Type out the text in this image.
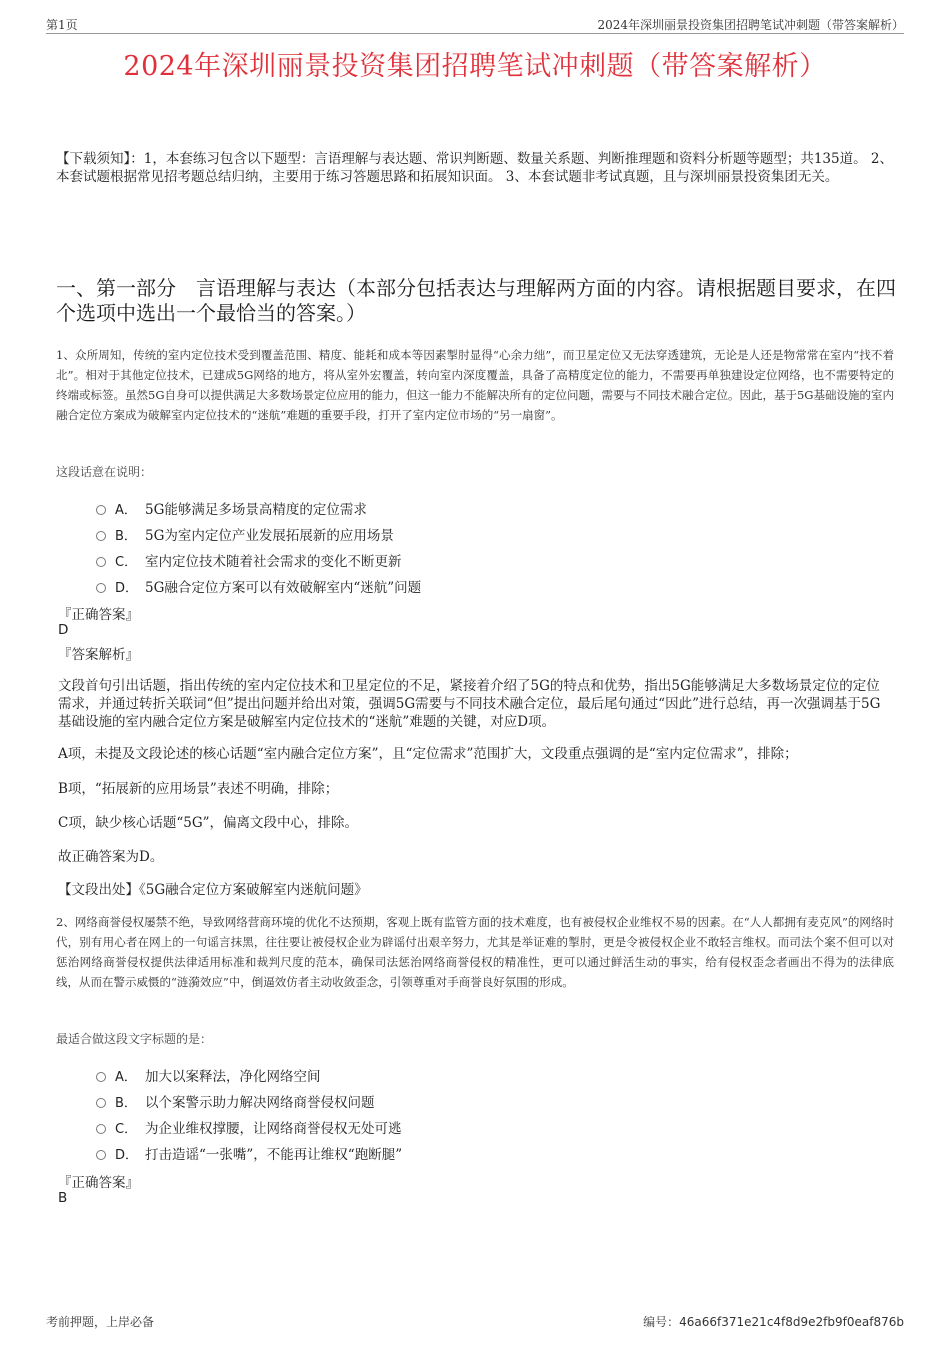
第1页	2024年深圳丽景投资集团招聘笔试冲刺题（带答案解析）
2024年深圳丽景投资集团招聘笔试冲刺题（带答案解析）
【下载须知】：1，本套练习包含以下题型：言语理解与表达题、常识判断题、数量关系题、判断推理题和资料分析题等题型；共135道。 2、本套试题根据常见招考题总结归纳，主要用于练习答题思路和拓展知识面。 3、本套试题非考试真题，且与深圳丽景投资集团无关。
一、第一部分　言语理解与表达（本部分包括表达与理解两方面的内容。请根据题目要求，在四个选项中选出一个最恰当的答案。）
1、众所周知，传统的室内定位技术受到覆盖范围、精度、能耗和成本等因素掣肘显得“心余力绌”，而卫星定位又无法穿透建筑，无论是人还是物常常在室内“找不着北”。相对于其他定位技术，已建成5G网络的地方，将从室外宏覆盖，转向室内深度覆盖，具备了高精度定位的能力，不需要再单独建设定位网络，也不需要特定的终端或标签。虽然5G自身可以提供满足大多数场景定位应用的能力，但这一能力不能解决所有的定位问题，需要与不同技术融合定位。因此，基于5G基础设施的室内融合定位方案成为破解室内定位技术的“迷航”难题的重要手段，打开了室内定位市场的“另一扇窗”。
这段话意在说明：
A． 5G能够满足多场景高精度的定位需求
B． 5G为室内定位产业发展拓展新的应用场景
C． 室内定位技术随着社会需求的变化不断更新
D． 5G融合定位方案可以有效破解室内“迷航”问题
『正确答案』
D
『答案解析』
文段首句引出话题，指出传统的室内定位技术和卫星定位的不足，紧接着介绍了5G的特点和优势，指出5G能够满足大多数场景定位的定位需求，并通过转折关联词“但”提出问题并给出对策，强调5G需要与不同技术融合定位，最后尾句通过“因此”进行总结，再一次强调基于5G基础设施的室内融合定位方案是破解室内定位技术的“迷航”难题的关键，对应D项。
A项，未提及文段论述的核心话题“室内融合定位方案”，且“定位需求”范围扩大，文段重点强调的是“室内定位需求”，排除；
B项，“拓展新的应用场景”表述不明确，排除；
C项，缺少核心话题“5G”，偏离文段中心，排除。
故正确答案为D。
【文段出处】《5G融合定位方案破解室内迷航问题》
2、网络商誉侵权屡禁不绝，导致网络营商环境的优化不达预期，客观上既有监管方面的技术难度，也有被侵权企业维权不易的因素。在“人人都拥有麦克风”的网络时代，别有用心者在网上的一句谣言抹黑，往往要让被侵权企业为辟谣付出艰辛努力，尤其是举证难的掣肘，更是令被侵权企业不敢轻言维权。而司法个案不但可以对惩治网络商誉侵权提供法律适用标准和裁判尺度的范本，确保司法惩治网络商誉侵权的精准性，更可以通过鲜活生动的事实，给有侵权歪念者画出不得为的法律底线，从而在警示威慑的“涟漪效应”中，倒逼效仿者主动收敛歪念，引领尊重对手商誉良好氛围的形成。
最适合做这段文字标题的是：
A． 加大以案释法，净化网络空间
B． 以个案警示助力解决网络商誉侵权问题
C． 为企业维权撑腰，让网络商誉侵权无处可逃
D． 打击造谣“一张嘴”，不能再让维权“跑断腿”
『正确答案』
B
考前押题，上岸必备	编号：46a66f371e21c4f8d9e2fb9f0eaf876b
